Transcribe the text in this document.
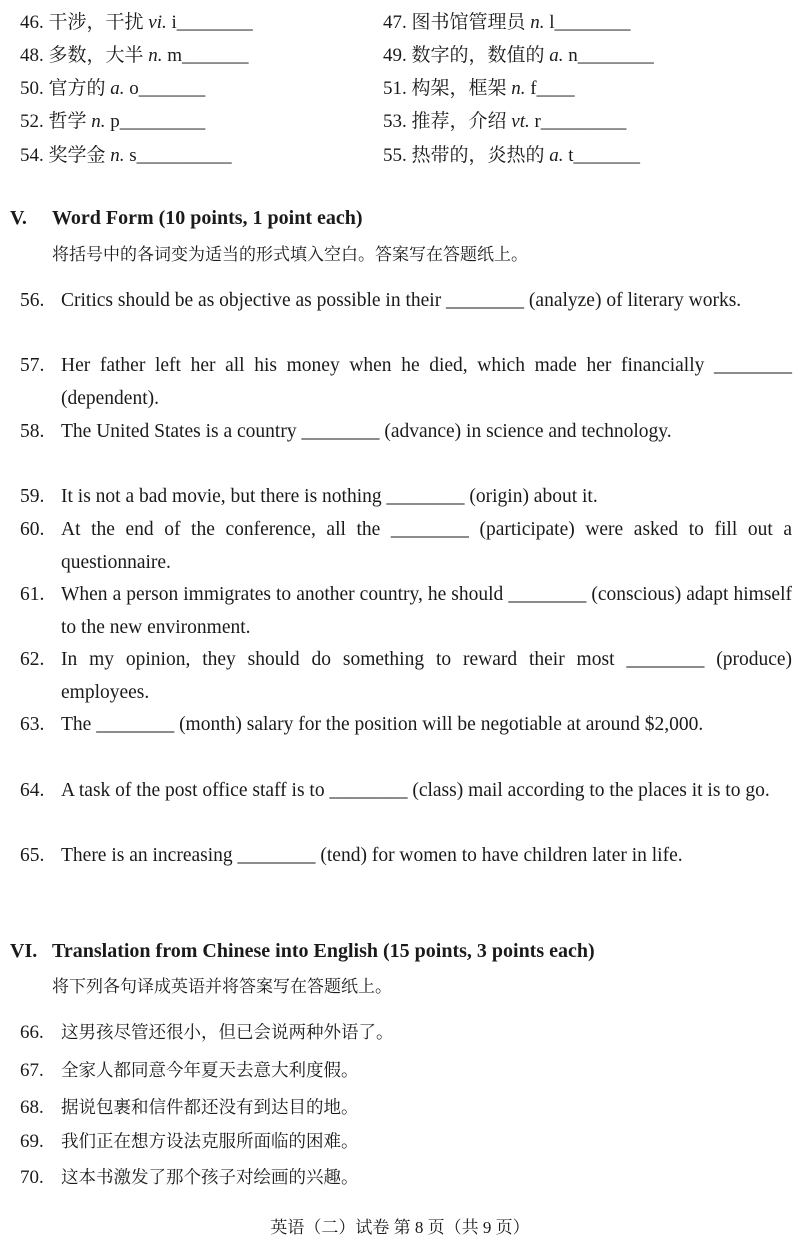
46. 干涉，干扰 vi. i________	47. 图书馆管理员 n. l________
48. 多数，大半 n. m_______	49. 数字的，数值的 a. n________
50. 官方的 a. o_______	51. 构架，框架 n. f____
52. 哲学 n. p_________	53. 推荐，介绍 vt. r_________
54. 奖学金 n. s__________	55. 热带的，炎热的 a. t_______
V. Word Form (10 points, 1 point each)
将括号中的各词变为适当的形式填入空白。答案写在答题纸上。
56. Critics should be as objective as possible in their ________ (analyze) of literary works.
57. Her father left her all his money when he died, which made her financially ________ (dependent).
58. The United States is a country ________ (advance) in science and technology.
59. It is not a bad movie, but there is nothing ________ (origin) about it.
60. At the end of the conference, all the ________ (participate) were asked to fill out a questionnaire.
61. When a person immigrates to another country, he should ________ (conscious) adapt himself to the new environment.
62. In my opinion, they should do something to reward their most ________ (produce) employees.
63. The ________ (month) salary for the position will be negotiable at around $2,000.
64. A task of the post office staff is to ________ (class) mail according to the places it is to go.
65. There is an increasing ________ (tend) for women to have children later in life.
VI. Translation from Chinese into English (15 points, 3 points each)
将下列各句译成英语并将答案写在答题纸上。
66. 这男孩尽管还很小，但已会说两种外语了。
67. 全家人都同意今年夏天去意大利度假。
68. 据说包裹和信件都还没有到达目的地。
69. 我们正在想方设法克服所面临的困难。
70. 这本书激发了那个孩子对绘画的兴趣。
英语（二）试卷 第 8 页（共 9 页）
